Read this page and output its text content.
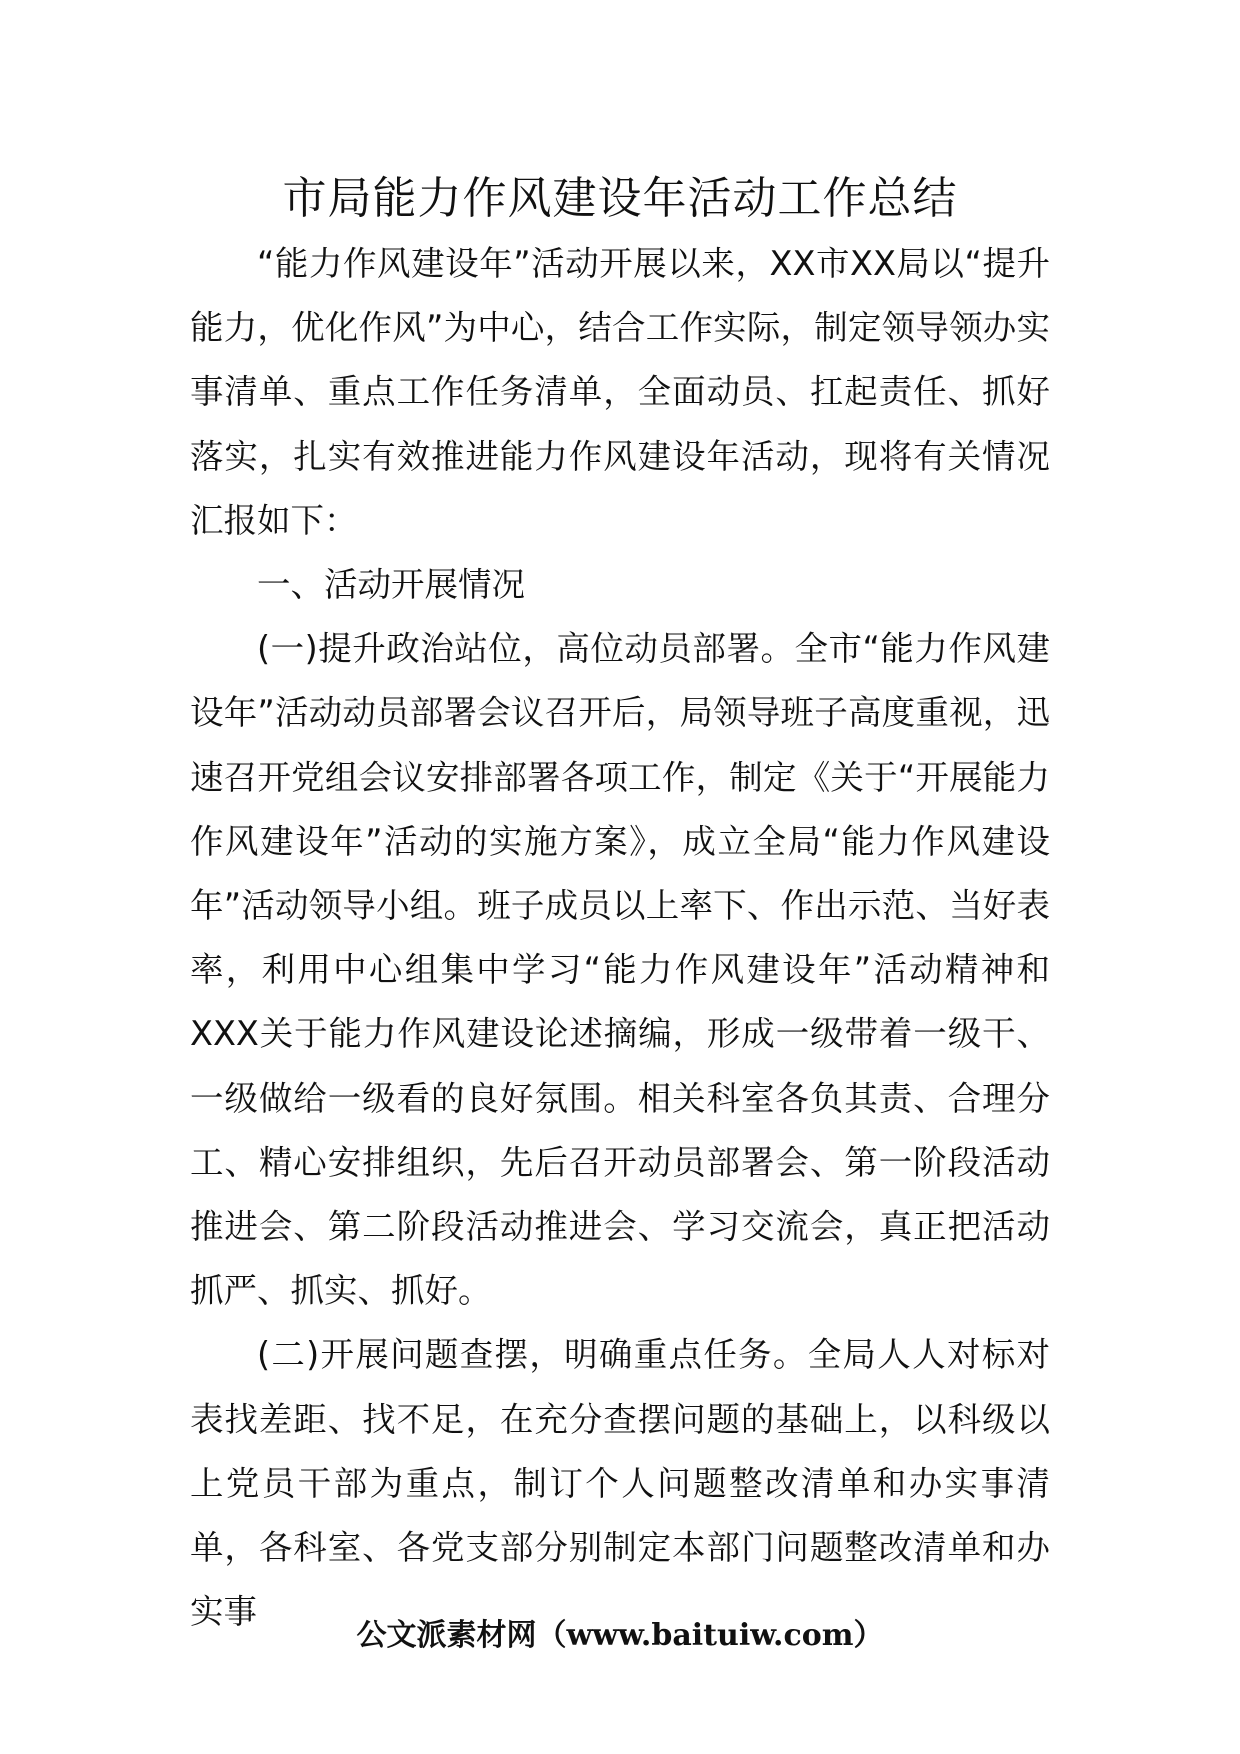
市局能力作风建设年活动工作总结

“能力作风建设年”活动开展以来，XX市XX局以“提升能力，优化作风”为中心，结合工作实际，制定领导领办实事清单、重点工作任务清单，全面动员、扛起责任、抓好落实，扎实有效推进能力作风建设年活动，现将有关情况汇报如下：

一、活动开展情况

(一)提升政治站位，高位动员部署。全市“能力作风建设年”活动动员部署会议召开后，局领导班子高度重视，迅速召开党组会议安排部署各项工作，制定《关于“开展能力作风建设年”活动的实施方案》，成立全局“能力作风建设年”活动领导小组。班子成员以上率下、作出示范、当好表率，利用中心组集中学习“能力作风建设年”活动精神和XXX关于能力作风建设论述摘编，形成一级带着一级干、一级做给一级看的良好氛围。相关科室各负其责、合理分工、精心安排组织，先后召开动员部署会、第一阶段活动推进会、第二阶段活动推进会、学习交流会，真正把活动抓严、抓实、抓好。

(二)开展问题查摆，明确重点任务。全局人人对标对表找差距、找不足，在充分查摆问题的基础上，以科级以上党员干部为重点，制订个人问题整改清单和办实事清单，各科室、各党支部分别制定本部门问题整改清单和办实事

公文派素材网（www.baituiw.com）
